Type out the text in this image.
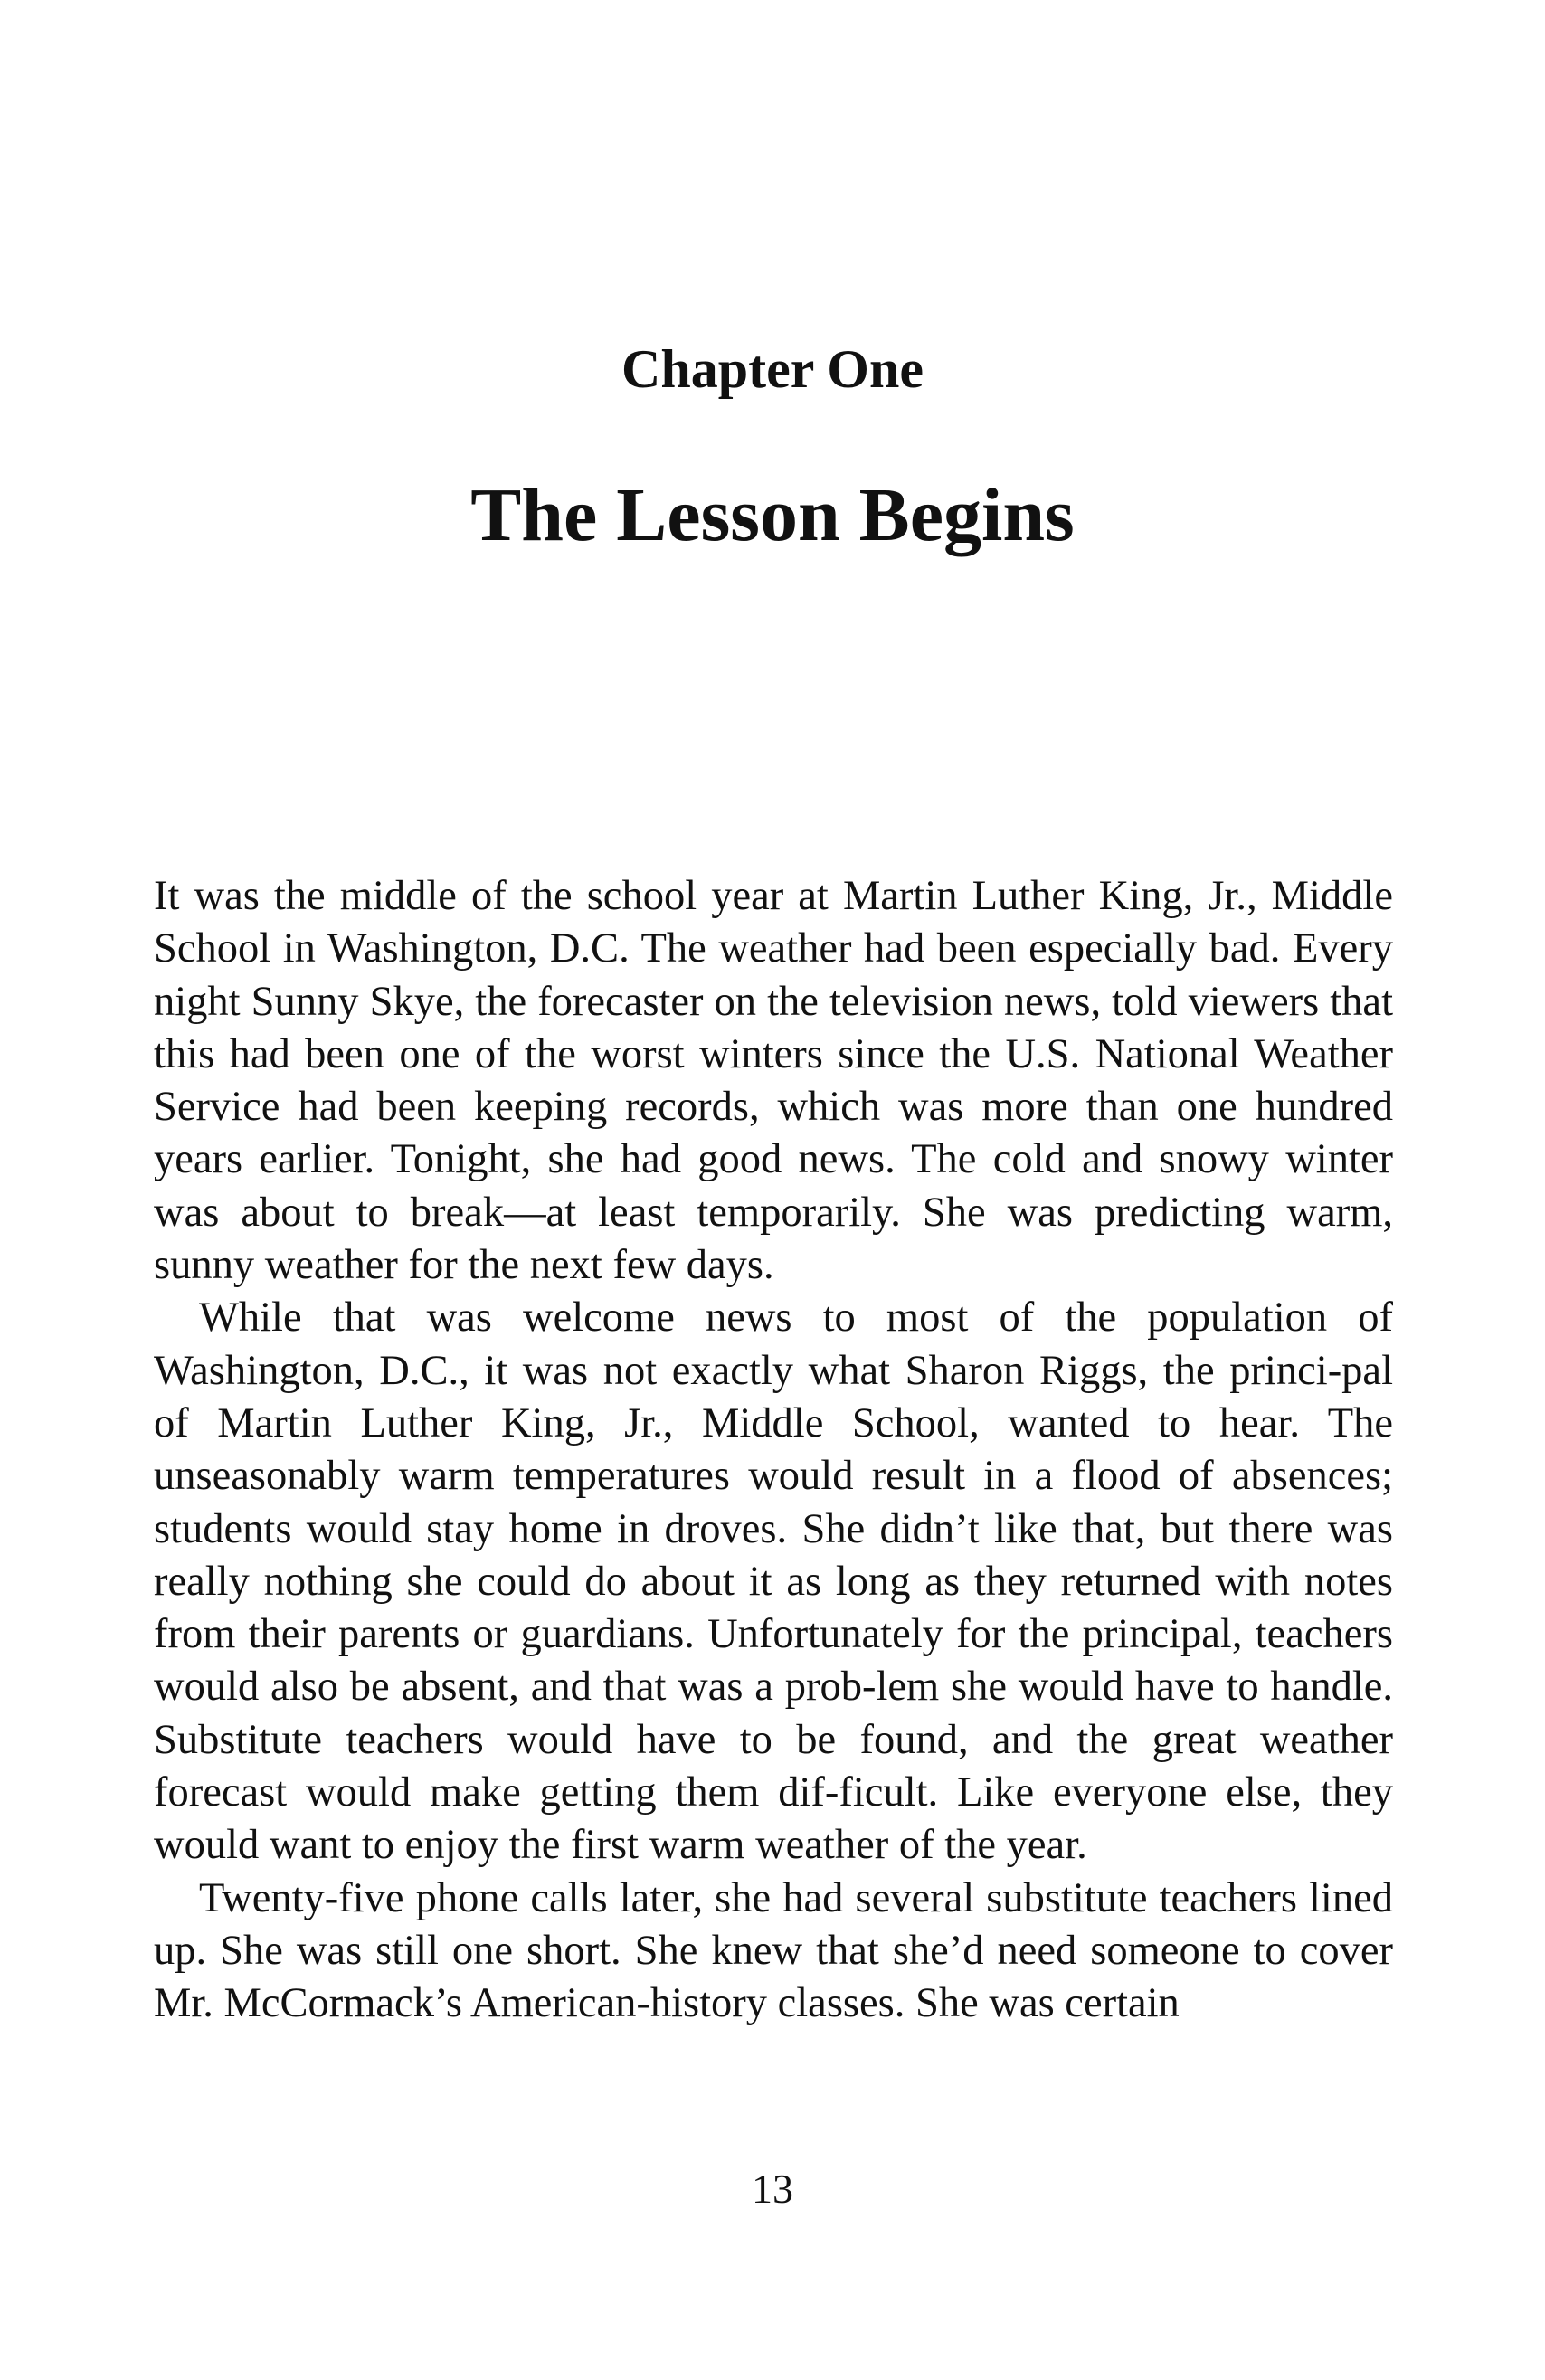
Chapter One
The Lesson Begins

It was the middle of the school year at Martin Luther King, Jr., Middle School in Washington, D.C. The weather had been especially bad. Every night Sunny Skye, the forecaster on the television news, told viewers that this had been one of the worst winters since the U.S. National Weather Service had been keeping records, which was more than one hundred years earlier. Tonight, she had good news. The cold and snowy winter was about to break—at least temporarily. She was predicting warm, sunny weather for the next few days.

While that was welcome news to most of the population of Washington, D.C., it was not exactly what Sharon Riggs, the princi-pal of Martin Luther King, Jr., Middle School, wanted to hear. The unseasonably warm temperatures would result in a flood of absences; students would stay home in droves. She didn’t like that, but there was really nothing she could do about it as long as they returned with notes from their parents or guardians. Unfortunately for the principal, teachers would also be absent, and that was a prob-lem she would have to handle. Substitute teachers would have to be found, and the great weather forecast would make getting them dif-ficult. Like everyone else, they would want to enjoy the first warm weather of the year.

Twenty-five phone calls later, she had several substitute teachers lined up. She was still one short. She knew that she’d need someone to cover Mr. McCormack’s American-history classes. She was certain

13
